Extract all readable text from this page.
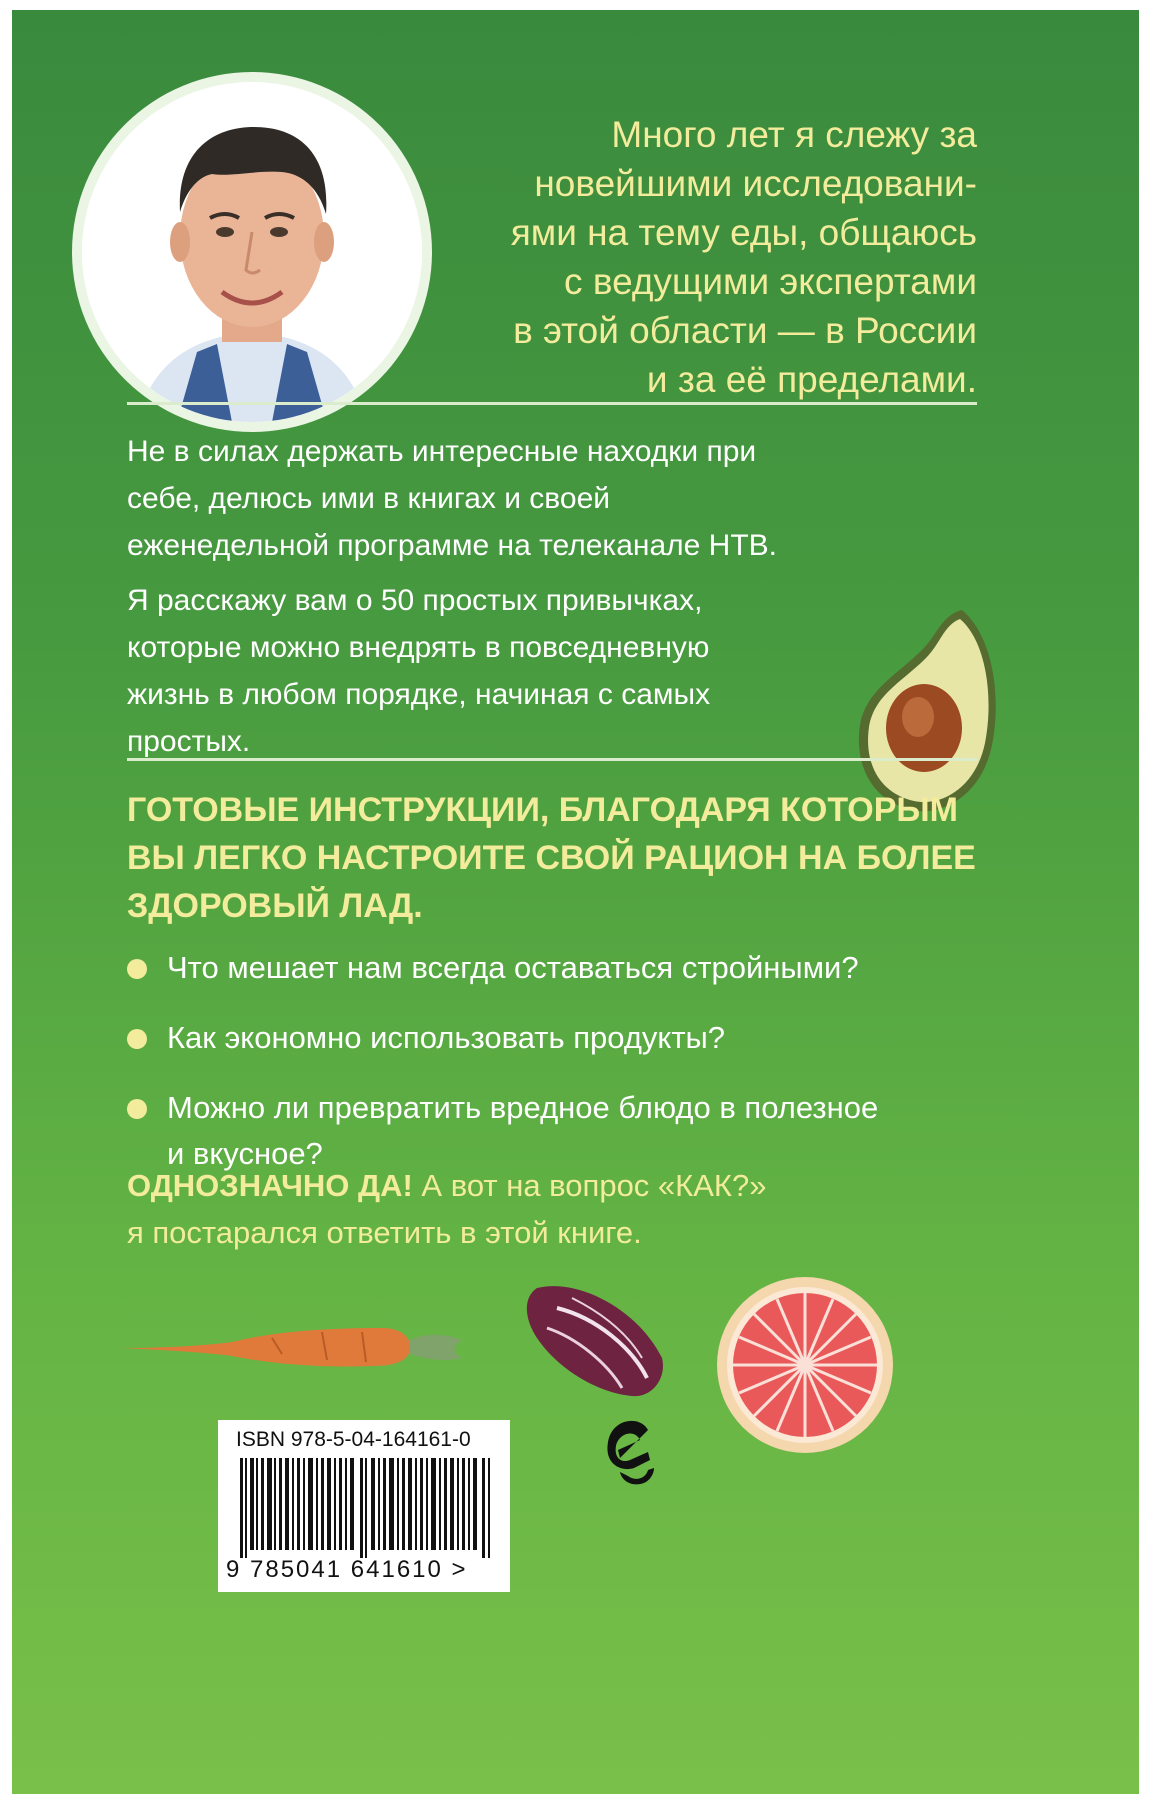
Много лет я слежу за
новейшими исследовани-
ями на тему еды, общаюсь
с ведущими экспертами
в этой области — в России
и за её пределами.
Не в силах держать интересные находки при
себе, делюсь ими в книгах и своей
еженедельной программе на телеканале НТВ.
Я расскажу вам о 50 простых привычках,
которые можно внедрять в повседневную
жизнь в любом порядке, начиная с самых
простых.
ГОТОВЫЕ ИНСТРУКЦИИ, БЛАГОДАРЯ КОТОРЫМ
ВЫ ЛЕГКО НАСТРОИТЕ СВОЙ РАЦИОН НА БОЛЕЕ
ЗДОРОВЫЙ ЛАД.
Что мешает нам всегда оставаться стройными?
Как экономно использовать продукты?
Можно ли превратить вредное блюдо в полезное
и вкусное?
ОДНОЗНАЧНО ДА! А вот на вопрос «КАК?»
я постарался ответить в этой книге.
ISBN 978-5-04-164161-0
9 785041 641610 >
